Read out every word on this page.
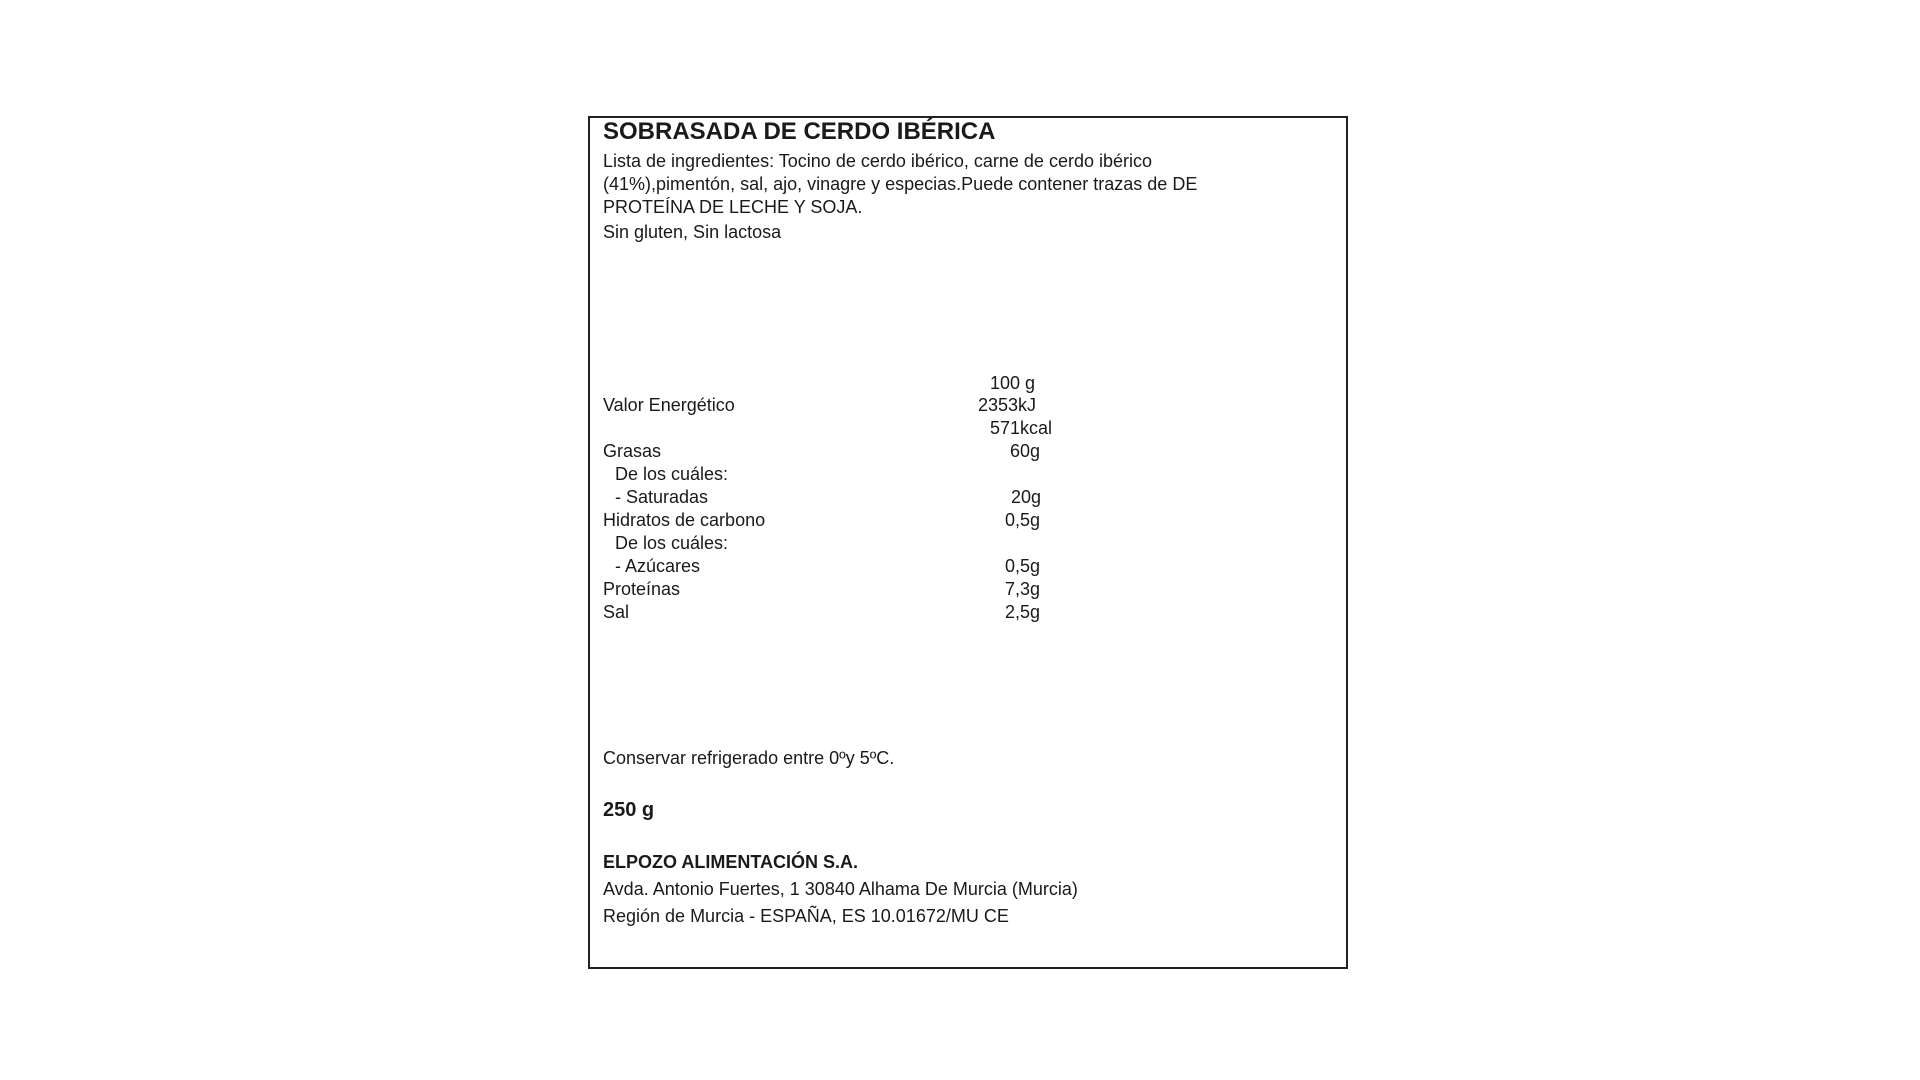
SOBRASADA DE CERDO IBÉRICA
Lista de ingredientes: Tocino de cerdo ibérico, carne de cerdo ibérico
(41%),pimentón, sal, ajo, vinagre y especias.Puede contener trazas de DE
PROTEÍNA DE LECHE Y SOJA.
Sin gluten, Sin lactosa
100 g
Valor Energético	2353kJ
571kcal
Grasas	60g
De los cuáles:
- Saturadas	20g
Hidratos de carbono	0,5g
De los cuáles:
- Azúcares	0,5g
Proteínas	7,3g
Sal	2,5g
Conservar refrigerado entre 0ºy 5ºC.
250 g
ELPOZO ALIMENTACIÓN S.A.
Avda. Antonio Fuertes, 1 30840 Alhama De Murcia (Murcia)
Región de Murcia - ESPAÑA, ES 10.01672/MU CE
